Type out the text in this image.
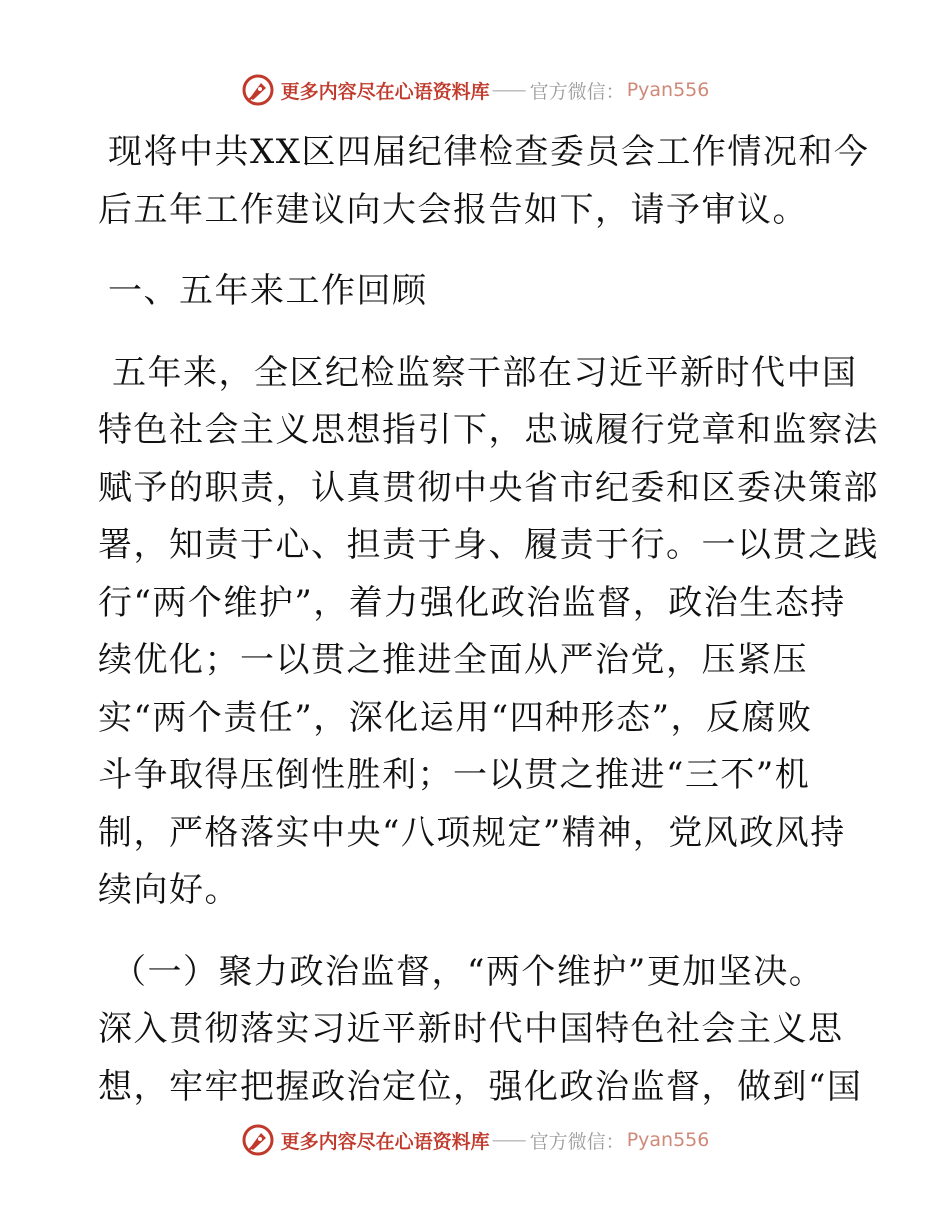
更多内容尽在心语资料库 —— 官方微信： Pyan556
现将中共XX区四届纪律检查委员会工作情况和今
后五年工作建议向大会报告如下，请予审议。
一、五年来工作回顾
五年来，全区纪检监察干部在习近平新时代中国
特色社会主义思想指引下，忠诚履行党章和监察法
赋予的职责，认真贯彻中央省市纪委和区委决策部
署，知责于心、担责于身、履责于行。一以贯之践
行“两个维护”，着力强化政治监督，政治生态持
续优化；一以贯之推进全面从严治党，压紧压
实“两个责任”，深化运用“四种形态”，反腐败
斗争取得压倒性胜利；一以贯之推进“三不”机
制，严格落实中央“八项规定”精神，党风政风持
续向好。
（一）聚力政治监督，“两个维护”更加坚决。
深入贯彻落实习近平新时代中国特色社会主义思
想，牢牢把握政治定位，强化政治监督，做到“国
更多内容尽在心语资料库 —— 官方微信： Pyan556
